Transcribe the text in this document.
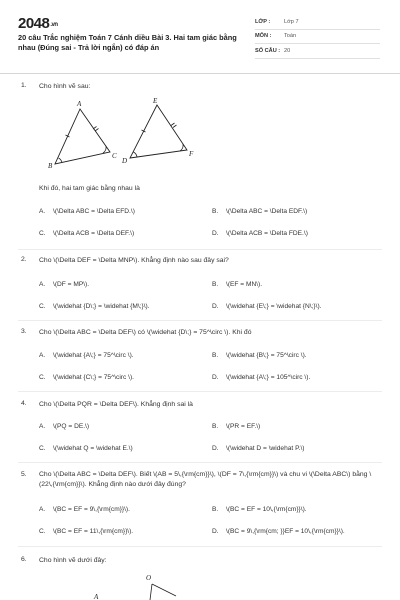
$2048^{.vn}$
20 câu Trắc nghiệm Toán 7 Cánh diều Bài 3. Hai tam giác bằng nhau (Đúng sai - Trả lời ngắn) có đáp án
LỚP :	Lớp 7
MÔN :	Toán
SỐ CÂU : 20
1. Cho hình vẽ sau:
A
B
C
E
D
F
Khi đó, hai tam giác bằng nhau là
A.	\(\Delta ABC = \Delta EFD.\)	B.	\(\Delta ABC = \Delta EDF.\)
C.	\(\Delta ACB = \Delta DEF.\)	D.	\(\Delta ACB = \Delta FDE.\)
2. Cho \(\Delta DEF = \Delta MNP\). Khẳng định nào sau đây sai?
A.	\(DF = MP\).	B.	\(EF = MN\).
C.	\(\widehat {D\;} = \widehat {M\;}\).	D.	\(\widehat {E\;} = \widehat {N\;}\).
3. Cho \(\Delta ABC = \Delta DEF\) có \(\widehat {D\;} = 75^\circ \). Khi đó
A.	\(\widehat {A\;} = 75^\circ \).	B.	\(\widehat {B\;} = 75^\circ \).
C.	\(\widehat {C\;} = 75^\circ \).	D.	\(\widehat {A\;} = 105^\circ \).
4. Cho \(\Delta PQR = \Delta DEF\). Khẳng định sai là
A.	\(PQ = DE.\)	B.	\(PR = EF.\)
C.	\(\widehat Q = \widehat E.\)	D.	\(\widehat D = \widehat P.\)
5. Cho \(\Delta ABC = \Delta DEF\). Biết \(AB = 5\,{\rm{cm}}\), \(DF = 7\,{\rm{cm}}\) và chu vi \(\Delta ABC\) bằng \(22\,{\rm{cm}}\). Khẳng định nào dưới đây đúng?
A.	\(BC = EF = 9\,{\rm{cm}}\).	B.	\(BC = EF = 10\,{\rm{cm}}\).
C.	\(BC = EF = 11\,{\rm{cm}}\).	D.	\(BC = 9\,{\rm{cm; }}EF = 10\,{\rm{cm}}\).
6. Cho hình vẽ dưới đây:
O
A
